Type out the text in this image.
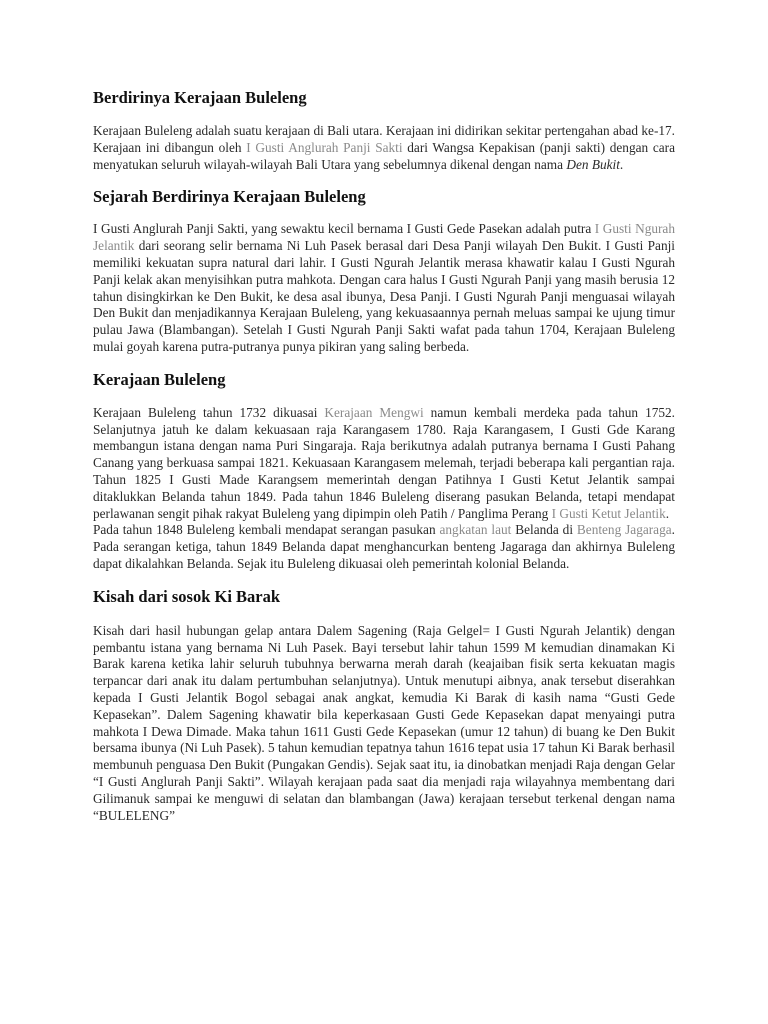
Berdirinya Kerajaan Buleleng

Kerajaan Buleleng adalah suatu kerajaan di Bali utara. Kerajaan ini didirikan sekitar pertengahan abad ke-17. Kerajaan ini dibangun oleh I Gusti Anglurah Panji Sakti dari Wangsa Kepakisan (panji sakti) dengan cara menyatukan seluruh wilayah-wilayah Bali Utara yang sebelumnya dikenal dengan nama Den Bukit.

Sejarah Berdirinya Kerajaan Buleleng

I Gusti Anglurah Panji Sakti, yang sewaktu kecil bernama I Gusti Gede Pasekan adalah putra I Gusti Ngurah Jelantik dari seorang selir bernama Ni Luh Pasek berasal dari Desa Panji wilayah Den Bukit. I Gusti Panji memiliki kekuatan supra natural dari lahir. I Gusti Ngurah Jelantik merasa khawatir kalau I Gusti Ngurah Panji kelak akan menyisihkan putra mahkota. Dengan cara halus I Gusti Ngurah Panji yang masih berusia 12 tahun disingkirkan ke Den Bukit, ke desa asal ibunya, Desa Panji. I Gusti Ngurah Panji menguasai wilayah Den Bukit dan menjadikannya Kerajaan Buleleng, yang kekuasaannya pernah meluas sampai ke ujung timur pulau Jawa (Blambangan). Setelah I Gusti Ngurah Panji Sakti wafat pada tahun 1704, Kerajaan Buleleng mulai goyah karena putra-putranya punya pikiran yang saling berbeda.

Kerajaan Buleleng

Kerajaan Buleleng tahun 1732 dikuasai Kerajaan Mengwi namun kembali merdeka pada tahun 1752. Selanjutnya jatuh ke dalam kekuasaan raja Karangasem 1780. Raja Karangasem, I Gusti Gde Karang membangun istana dengan nama Puri Singaraja. Raja berikutnya adalah putranya bernama I Gusti Pahang Canang yang berkuasa sampai 1821. Kekuasaan Karangasem melemah, terjadi beberapa kali pergantian raja. Tahun 1825 I Gusti Made Karangsem memerintah dengan Patihnya I Gusti Ketut Jelantik sampai ditaklukkan Belanda tahun 1849. Pada tahun 1846 Buleleng diserang pasukan Belanda, tetapi mendapat perlawanan sengit pihak rakyat Buleleng yang dipimpin oleh Patih / Panglima Perang I Gusti Ketut Jelantik.

Pada tahun 1848 Buleleng kembali mendapat serangan pasukan angkatan laut Belanda di Benteng Jagaraga. Pada serangan ketiga, tahun 1849 Belanda dapat menghancurkan benteng Jagaraga dan akhirnya Buleleng dapat dikalahkan Belanda. Sejak itu Buleleng dikuasai oleh pemerintah kolonial Belanda.

Kisah dari sosok Ki Barak

Kisah dari hasil hubungan gelap antara Dalem Sagening (Raja Gelgel= I Gusti Ngurah Jelantik) dengan pembantu istana yang bernama Ni Luh Pasek. Bayi tersebut lahir tahun 1599 M kemudian dinamakan Ki Barak karena ketika lahir seluruh tubuhnya berwarna merah darah (keajaiban fisik serta kekuatan magis terpancar dari anak itu dalam pertumbuhan selanjutnya). Untuk menutupi aibnya, anak tersebut diserahkan kepada I Gusti Jelantik Bogol sebagai anak angkat, kemudia Ki Barak di kasih nama “Gusti Gede Kepasekan”. Dalem Sagening khawatir bila keperkasaan Gusti Gede Kepasekan dapat menyaingi putra mahkota I Dewa Dimade. Maka tahun 1611 Gusti Gede Kepasekan (umur 12 tahun) di buang ke Den Bukit bersama ibunya (Ni Luh Pasek). 5 tahun kemudian tepatnya tahun 1616 tepat usia 17 tahun Ki Barak berhasil membunuh penguasa Den Bukit (Pungakan Gendis). Sejak saat itu, ia dinobatkan menjadi Raja dengan Gelar “I Gusti Anglurah Panji Sakti”. Wilayah kerajaan pada saat dia menjadi raja wilayahnya membentang dari Gilimanuk sampai ke menguwi di selatan dan blambangan (Jawa) kerajaan tersebut terkenal dengan nama “BULELENG”
